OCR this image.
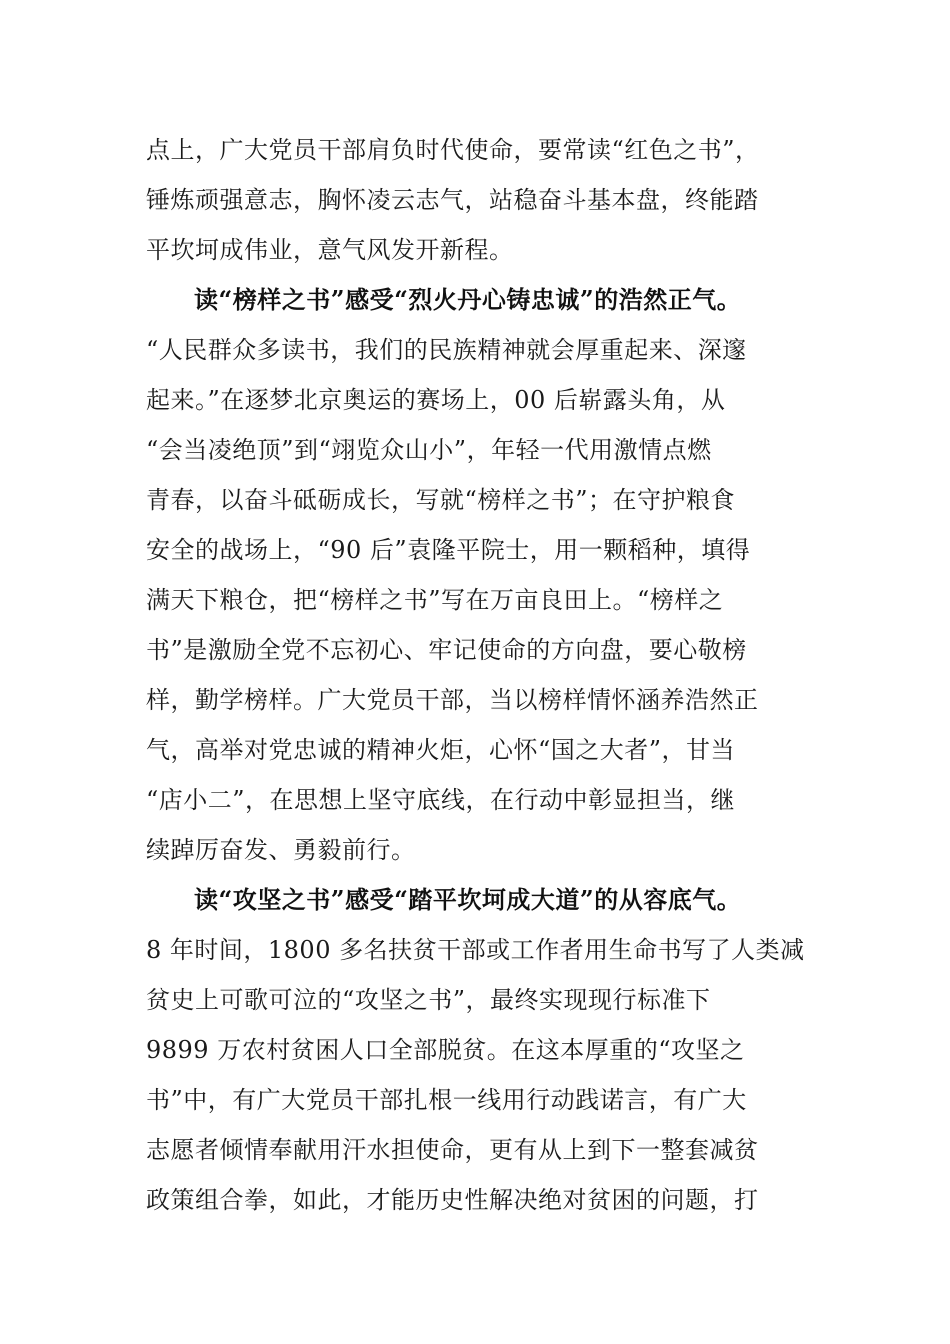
点上，广大党员干部肩负时代使命，要常读“红色之书”，
锤炼顽强意志，胸怀凌云志气，站稳奋斗基本盘，终能踏
平坎坷成伟业，意气风发开新程。
读“榜样之书”感受“烈火丹心铸忠诚”的浩然正气。
“人民群众多读书，我们的民族精神就会厚重起来、深邃
起来。”在逐梦北京奥运的赛场上，00 后崭露头角，从
“会当凌绝顶”到“翊览众山小”，年轻一代用激情点燃
青春，以奋斗砥砺成长，写就“榜样之书”；在守护粮食
安全的战场上，“90 后”袁隆平院士，用一颗稻种，填得
满天下粮仓，把“榜样之书”写在万亩良田上。“榜样之
书”是激励全党不忘初心、牢记使命的方向盘，要心敬榜
样，勤学榜样。广大党员干部，当以榜样情怀涵养浩然正
气，高举对党忠诚的精神火炬，心怀“国之大者”，甘当
“店小二”，在思想上坚守底线，在行动中彰显担当，继
续踔厉奋发、勇毅前行。
读“攻坚之书”感受“踏平坎坷成大道”的从容底气。
8 年时间，1800 多名扶贫干部或工作者用生命书写了人类减
贫史上可歌可泣的“攻坚之书”，最终实现现行标准下
9899 万农村贫困人口全部脱贫。在这本厚重的“攻坚之
书”中，有广大党员干部扎根一线用行动践诺言，有广大
志愿者倾情奉献用汗水担使命，更有从上到下一整套减贫
政策组合拳，如此，才能历史性解决绝对贫困的问题，打
